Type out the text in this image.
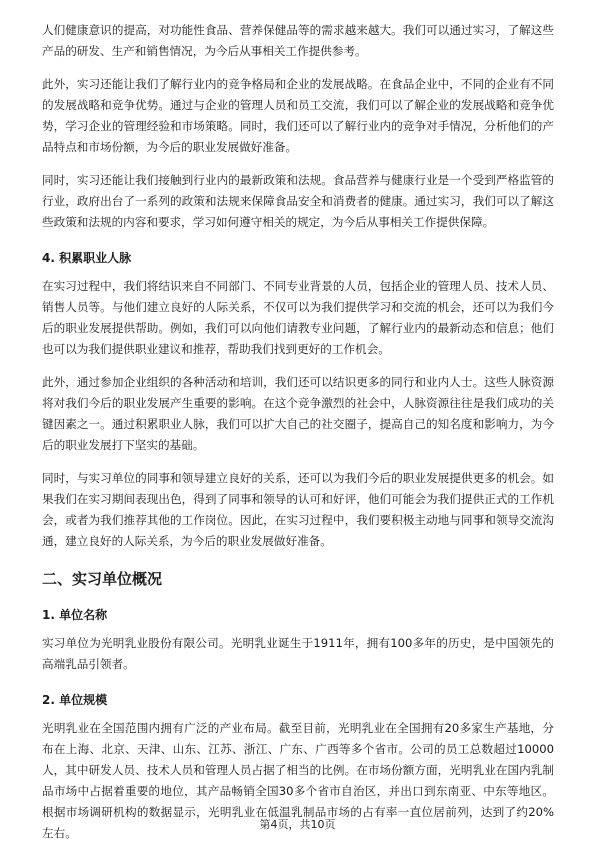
人们健康意识的提高，对功能性食品、营养保健品等的需求越来越大。我们可以通过实习，了解这些产品的研发、生产和销售情况，为今后从事相关工作提供参考。

此外，实习还能让我们了解行业内的竞争格局和企业的发展战略。在食品企业中，不同的企业有不同的发展战略和竞争优势。通过与企业的管理人员和员工交流，我们可以了解企业的发展战略和竞争优势，学习企业的管理经验和市场策略。同时，我们还可以了解行业内的竞争对手情况，分析他们的产品特点和市场份额，为今后的职业发展做好准备。

同时，实习还能让我们接触到行业内的最新政策和法规。食品营养与健康行业是一个受到严格监管的行业，政府出台了一系列的政策和法规来保障食品安全和消费者的健康。通过实习，我们可以了解这些政策和法规的内容和要求，学习如何遵守相关的规定，为今后从事相关工作提供保障。

4. 积累职业人脉

在实习过程中，我们将结识来自不同部门、不同专业背景的人员，包括企业的管理人员、技术人员、销售人员等。与他们建立良好的人际关系，不仅可以为我们提供学习和交流的机会，还可以为我们今后的职业发展提供帮助。例如，我们可以向他们请教专业问题，了解行业内的最新动态和信息；他们也可以为我们提供职业建议和推荐，帮助我们找到更好的工作机会。

此外，通过参加企业组织的各种活动和培训，我们还可以结识更多的同行和业内人士。这些人脉资源将对我们今后的职业发展产生重要的影响。在这个竞争激烈的社会中，人脉资源往往是我们成功的关键因素之一。通过积累职业人脉，我们可以扩大自己的社交圈子，提高自己的知名度和影响力，为今后的职业发展打下坚实的基础。

同时，与实习单位的同事和领导建立良好的关系，还可以为我们今后的职业发展提供更多的机会。如果我们在实习期间表现出色，得到了同事和领导的认可和好评，他们可能会为我们提供正式的工作机会，或者为我们推荐其他的工作岗位。因此，在实习过程中，我们要积极主动地与同事和领导交流沟通，建立良好的人际关系，为今后的职业发展做好准备。

二、实习单位概况
1. 单位名称

实习单位为光明乳业股份有限公司。光明乳业诞生于1911年，拥有100多年的历史，是中国领先的高端乳品引领者。

2. 单位规模

光明乳业在全国范围内拥有广泛的产业布局。截至目前，光明乳业在全国拥有20多家生产基地，分布在上海、北京、天津、山东、江苏、浙江、广东、广西等多个省市。公司的员工总数超过10000人，其中研发人员、技术人员和管理人员占据了相当的比例。在市场份额方面，光明乳业在国内乳制品市场中占据着重要的地位，其产品畅销全国30多个省市自治区，并出口到东南亚、中东等地区。根据市场调研机构的数据显示，光明乳业在低温乳制品市场的占有率一直位居前列，达到了约20%左右。

第4页，共10页
